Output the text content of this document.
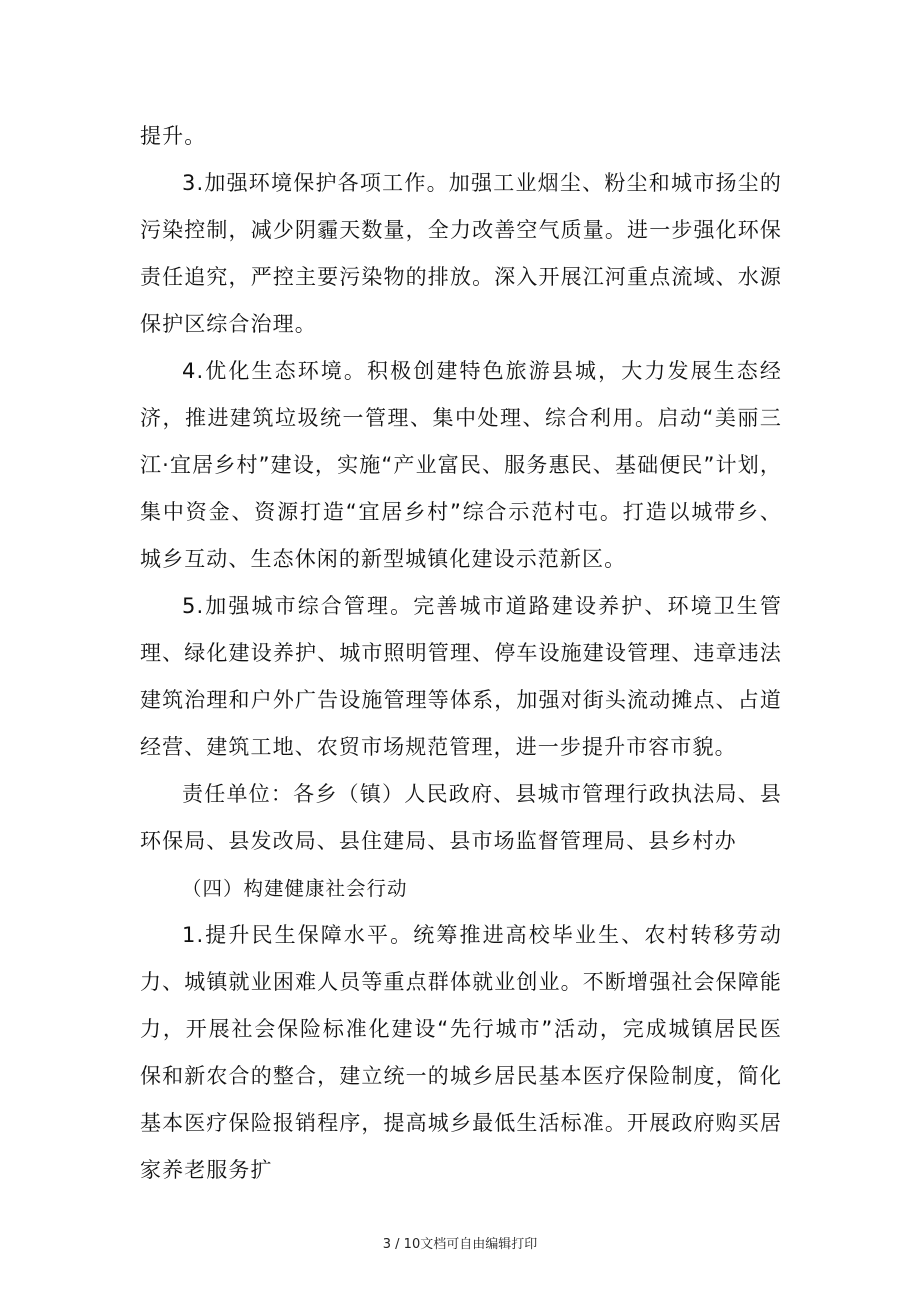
提升。

3.加强环境保护各项工作。加强工业烟尘、粉尘和城市扬尘的污染控制，减少阴霾天数量，全力改善空气质量。进一步强化环保责任追究，严控主要污染物的排放。深入开展江河重点流域、水源保护区综合治理。

4.优化生态环境。积极创建特色旅游县城，大力发展生态经济，推进建筑垃圾统一管理、集中处理、综合利用。启动“美丽三江·宜居乡村”建设，实施“产业富民、服务惠民、基础便民”计划，集中资金、资源打造“宜居乡村”综合示范村屯。打造以城带乡、城乡互动、生态休闲的新型城镇化建设示范新区。

5.加强城市综合管理。完善城市道路建设养护、环境卫生管理、绿化建设养护、城市照明管理、停车设施建设管理、违章违法建筑治理和户外广告设施管理等体系，加强对街头流动摊点、占道经营、建筑工地、农贸市场规范管理，进一步提升市容市貌。

责任单位：各乡（镇）人民政府、县城市管理行政执法局、县环保局、县发改局、县住建局、县市场监督管理局、县乡村办

（四）构建健康社会行动

1.提升民生保障水平。统筹推进高校毕业生、农村转移劳动力、城镇就业困难人员等重点群体就业创业。不断增强社会保障能力，开展社会保险标准化建设“先行城市”活动，完成城镇居民医保和新农合的整合，建立统一的城乡居民基本医疗保险制度，简化基本医疗保险报销程序，提高城乡最低生活标准。开展政府购买居家养老服务扩

3 / 10文档可自由编辑打印
